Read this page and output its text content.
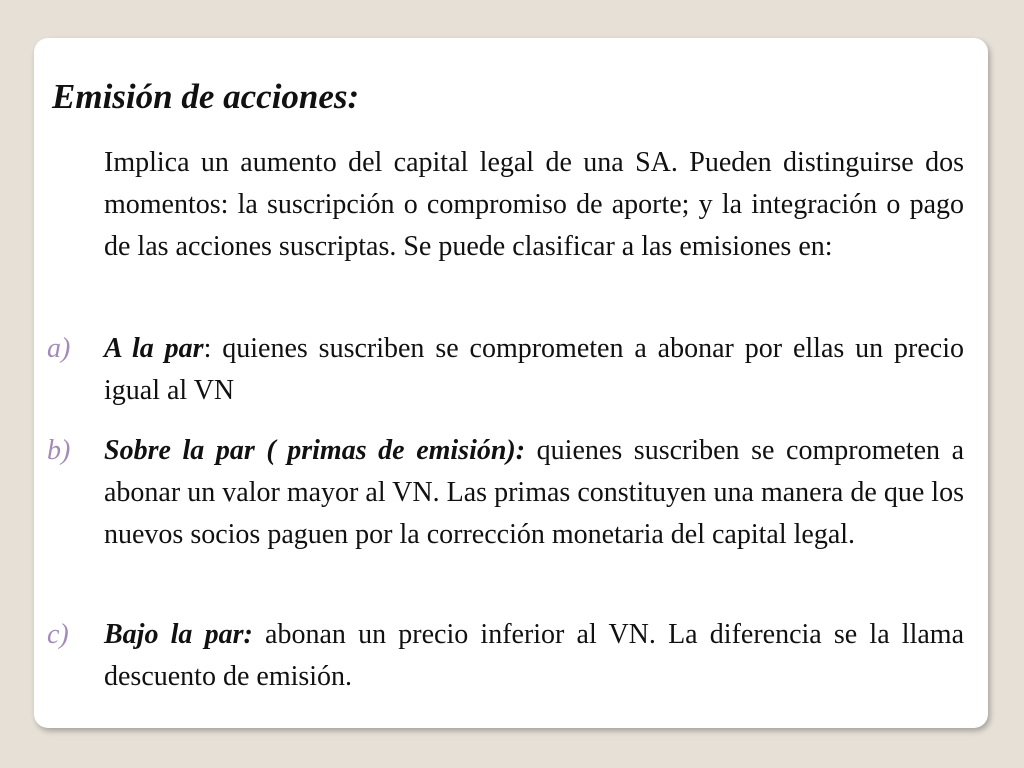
Emisión de acciones:

Implica un aumento del capital legal de una SA. Pueden distinguirse dos momentos: la suscripción o compromiso de aporte; y la integración o pago de las acciones suscriptas. Se puede clasificar a las emisiones en:

a) A la par: quienes suscriben se comprometen a abonar por ellas un precio igual al VN

b) Sobre la par ( primas de emisión): quienes suscriben se comprometen a abonar un valor mayor al VN. Las primas constituyen una manera de que los nuevos socios paguen por la corrección monetaria del capital legal.

c) Bajo la par: abonan un precio inferior al VN. La diferencia se la llama descuento de emisión.
